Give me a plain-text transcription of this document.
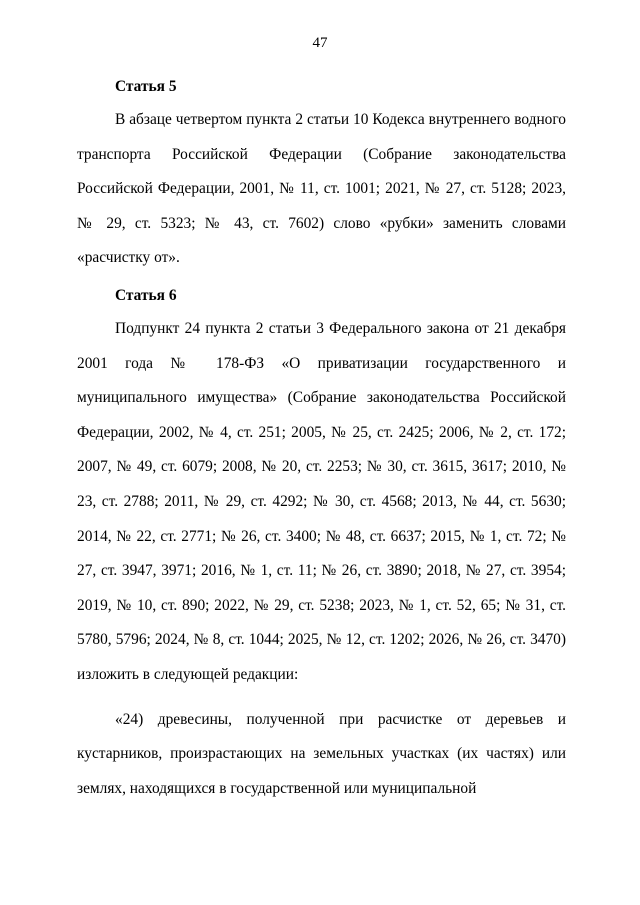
47
Статья 5

В абзаце четвертом пункта 2 статьи 10 Кодекса внутреннего водного транспорта Российской Федерации (Собрание законодательства Российской Федерации, 2001, № 11, ст. 1001; 2021, № 27, ст. 5128; 2023, № 29, ст. 5323; № 43, ст. 7602) слово «рубки» заменить словами «расчистку от».

Статья 6

Подпункт 24 пункта 2 статьи 3 Федерального закона от 21 декабря 2001 года № 178-ФЗ «О приватизации государственного и муниципального имущества» (Собрание законодательства Российской Федерации, 2002, № 4, ст. 251; 2005, № 25, ст. 2425; 2006, № 2, ст. 172; 2007, № 49, ст. 6079; 2008, № 20, ст. 2253; № 30, ст. 3615, 3617; 2010, № 23, ст. 2788; 2011, № 29, ст. 4292; № 30, ст. 4568; 2013, № 44, ст. 5630; 2014, № 22, ст. 2771; № 26, ст. 3400; № 48, ст. 6637; 2015, № 1, ст. 72; № 27, ст. 3947, 3971; 2016, № 1, ст. 11; № 26, ст. 3890; 2018, № 27, ст. 3954; 2019, № 10, ст. 890; 2022, № 29, ст. 5238; 2023, № 1, ст. 52, 65; № 31, ст. 5780, 5796; 2024, № 8, ст. 1044; 2025, № 12, ст. 1202; 2026, № 26, ст. 3470) изложить в следующей редакции:

«24) древесины, полученной при расчистке от деревьев и кустарников, произрастающих на земельных участках (их частях) или землях, находящихся в государственной или муниципальной
